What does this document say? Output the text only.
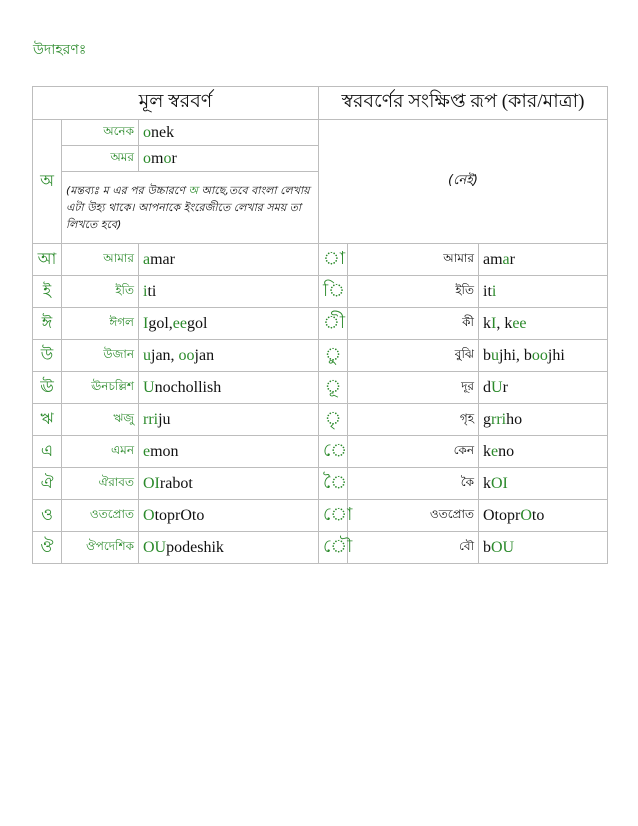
উদাহরণঃ
মূল স্বরবর্ণ			স্বরবর্ণের সংক্ষিপ্ত রূপ (কার/মাত্রা)		
অ	অনেক	onek	(নেই)		
	অমর	omor			
	(মন্তব্যঃ ম এর পর উচ্চারণে অ আছে,তবে বাংলা লেখায় এটা উহ্য থাকে। আপনাকে ইংরেজীতে লেখার সময় তা লিখতে হবে)				
আ	আমার	amar	া	আমার	amar
ই	ইতি	iti	ি	ইতি	iti
ঈ	ঈগল	Igol,eegol	ী	কী	kI, kee
উ	উজান	ujan, oojan	ু	বুঝি	bujhi, boojhi
ঊ	ঊনচল্লিশ	Unochollish	ূ	দূর	dUr
ঋ	ঋজু	rriju	ৃ	গৃহ	grriho
এ	এমন	emon	ে	কেন	keno
ঐ	ঐরাবত	OIrabot	ৈ	কৈ	kOI
ও	ওতপ্রোত	OtoprOto	ো	ওতপ্রোত	OtoprOto
ঔ	ঔপদেশিক	OUpodeshik	ৌ	বৌ	bOU
